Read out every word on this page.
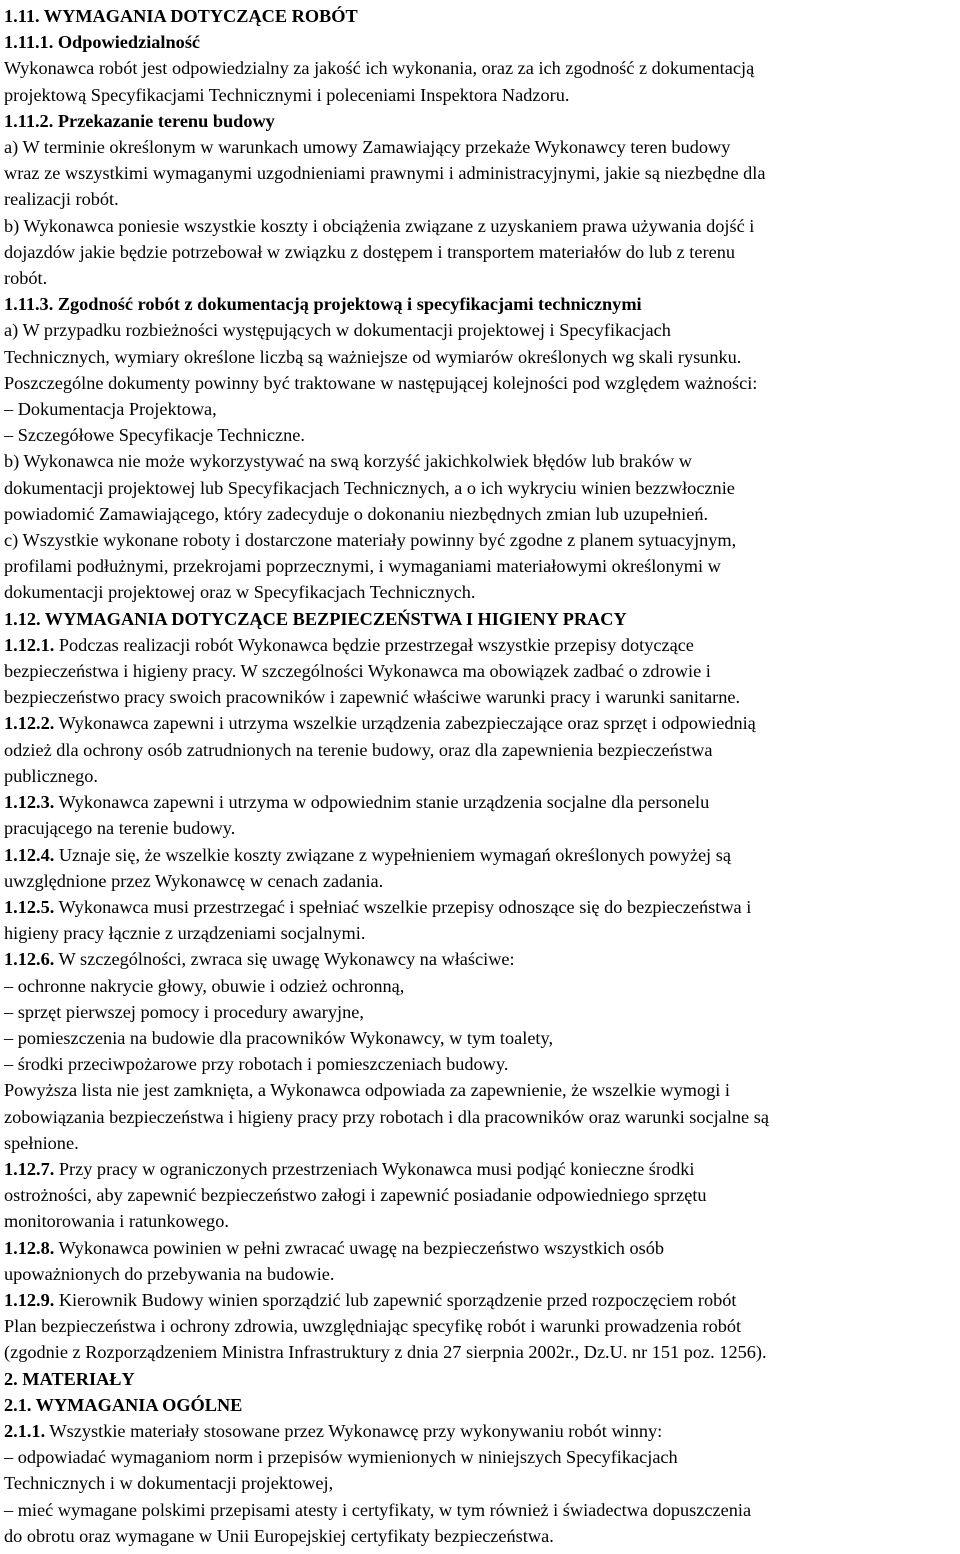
1.11. WYMAGANIA DOTYCZĄCE ROBÓT
1.11.1. Odpowiedzialność
Wykonawca robót jest odpowiedzialny za jakość ich wykonania, oraz za ich zgodność z dokumentacją
projektową Specyfikacjami Technicznymi i poleceniami Inspektora Nadzoru.
1.11.2. Przekazanie terenu budowy
a) W terminie określonym w warunkach umowy Zamawiający przekaże Wykonawcy teren budowy
wraz ze wszystkimi wymaganymi uzgodnieniami prawnymi i administracyjnymi, jakie są niezbędne dla
realizacji robót.
b) Wykonawca poniesie wszystkie koszty i obciążenia związane z uzyskaniem prawa używania dojść i
dojazdów jakie będzie potrzebował w związku z dostępem i transportem materiałów do lub z terenu
robót.
1.11.3. Zgodność robót z dokumentacją projektową i specyfikacjami technicznymi
a) W przypadku rozbieżności występujących w dokumentacji projektowej i Specyfikacjach
Technicznych, wymiary określone liczbą są ważniejsze od wymiarów określonych wg skali rysunku.
Poszczególne dokumenty powinny być traktowane w następującej kolejności pod względem ważności:
– Dokumentacja Projektowa,
– Szczegółowe Specyfikacje Techniczne.
b) Wykonawca nie może wykorzystywać na swą korzyść jakichkolwiek błędów lub braków w
dokumentacji projektowej lub Specyfikacjach Technicznych, a o ich wykryciu winien bezzwłocznie
powiadomić Zamawiającego, który zadecyduje o dokonaniu niezbędnych zmian lub uzupełnień.
c) Wszystkie wykonane roboty i dostarczone materiały powinny być zgodne z planem sytuacyjnym,
profilami podłużnymi, przekrojami poprzecznymi, i wymaganiami materiałowymi określonymi w
dokumentacji projektowej oraz w Specyfikacjach Technicznych.
1.12. WYMAGANIA DOTYCZĄCE BEZPIECZEŃSTWA I HIGIENY PRACY
1.12.1. Podczas realizacji robót Wykonawca będzie przestrzegał wszystkie przepisy dotyczące
bezpieczeństwa i higieny pracy. W szczególności Wykonawca ma obowiązek zadbać o zdrowie i
bezpieczeństwo pracy swoich pracowników i zapewnić właściwe warunki pracy i warunki sanitarne.
1.12.2. Wykonawca zapewni i utrzyma wszelkie urządzenia zabezpieczające oraz sprzęt i odpowiednią
odzież dla ochrony osób zatrudnionych na terenie budowy, oraz dla zapewnienia bezpieczeństwa
publicznego.
1.12.3. Wykonawca zapewni i utrzyma w odpowiednim stanie urządzenia socjalne dla personelu
pracującego na terenie budowy.
1.12.4. Uznaje się, że wszelkie koszty związane z wypełnieniem wymagań określonych powyżej są
uwzględnione przez Wykonawcę w cenach zadania.
1.12.5. Wykonawca musi przestrzegać i spełniać wszelkie przepisy odnoszące się do bezpieczeństwa i
higieny pracy łącznie z urządzeniami socjalnymi.
1.12.6. W szczególności, zwraca się uwagę Wykonawcy na właściwe:
– ochronne nakrycie głowy, obuwie i odzież ochronną,
– sprzęt pierwszej pomocy i procedury awaryjne,
– pomieszczenia na budowie dla pracowników Wykonawcy, w tym toalety,
– środki przeciwpożarowe przy robotach i pomieszczeniach budowy.
Powyższa lista nie jest zamknięta, a Wykonawca odpowiada za zapewnienie, że wszelkie wymogi i
zobowiązania bezpieczeństwa i higieny pracy przy robotach i dla pracowników oraz warunki socjalne są
spełnione.
1.12.7. Przy pracy w ograniczonych przestrzeniach Wykonawca musi podjąć konieczne środki
ostrożności, aby zapewnić bezpieczeństwo załogi i zapewnić posiadanie odpowiedniego sprzętu
monitorowania i ratunkowego.
1.12.8. Wykonawca powinien w pełni zwracać uwagę na bezpieczeństwo wszystkich osób
upoważnionych do przebywania na budowie.
1.12.9. Kierownik Budowy winien sporządzić lub zapewnić sporządzenie przed rozpoczęciem robót
Plan bezpieczeństwa i ochrony zdrowia, uwzględniając specyfikę robót i warunki prowadzenia robót
(zgodnie z Rozporządzeniem Ministra Infrastruktury z dnia 27 sierpnia 2002r., Dz.U. nr 151 poz. 1256).
2. MATERIAŁY
2.1. WYMAGANIA OGÓLNE
2.1.1. Wszystkie materiały stosowane przez Wykonawcę przy wykonywaniu robót winny:
– odpowiadać wymaganiom norm i przepisów wymienionych w niniejszych Specyfikacjach
Technicznych i w dokumentacji projektowej,
– mieć wymagane polskimi przepisami atesty i certyfikaty, w tym również i świadectwa dopuszczenia
do obrotu oraz wymagane w Unii Europejskiej certyfikaty bezpieczeństwa.
